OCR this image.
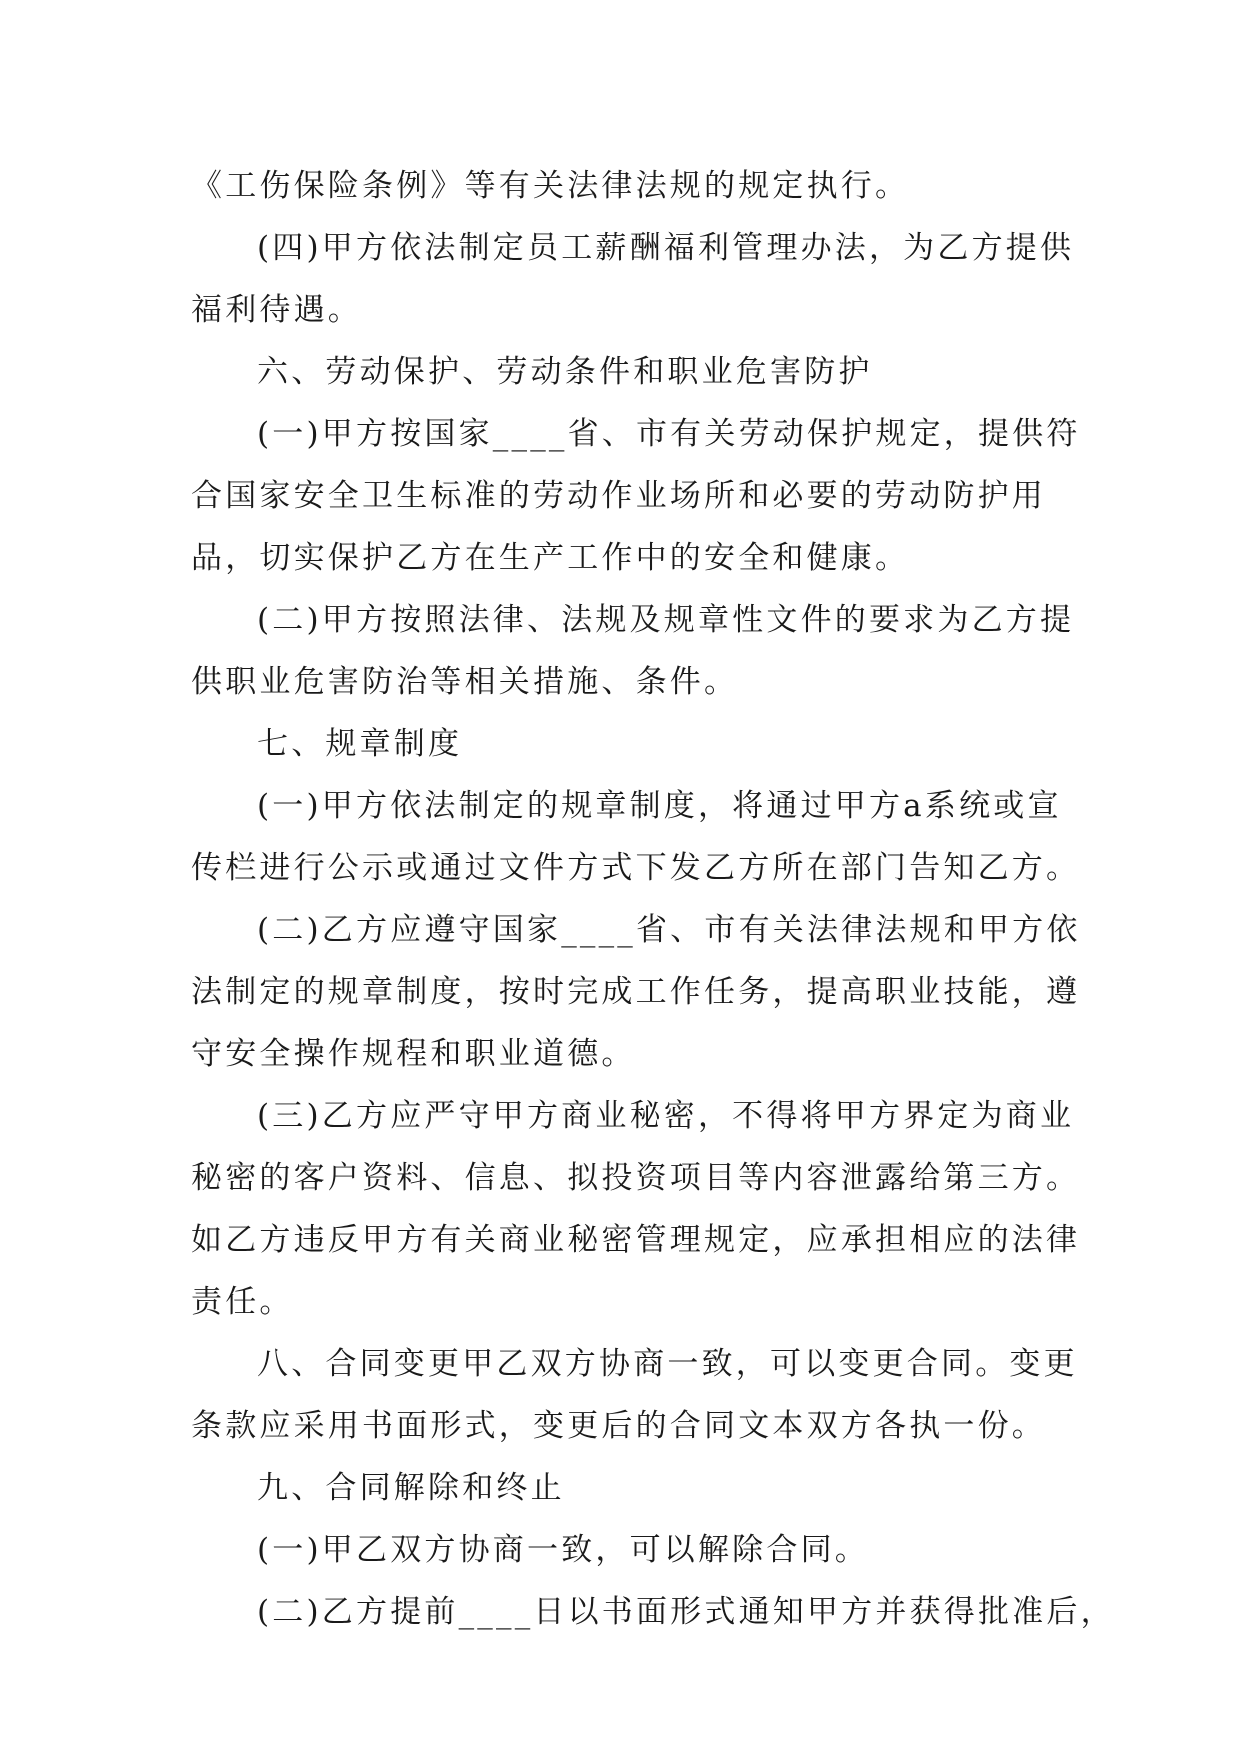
《工伤保险条例》等有关法律法规的规定执行。
(四)甲方依法制定员工薪酬福利管理办法，为乙方提供
福利待遇。
六、劳动保护、劳动条件和职业危害防护
(一)甲方按国家____省、市有关劳动保护规定，提供符
合国家安全卫生标准的劳动作业场所和必要的劳动防护用
品，切实保护乙方在生产工作中的安全和健康。
(二)甲方按照法律、法规及规章性文件的要求为乙方提
供职业危害防治等相关措施、条件。
七、规章制度
(一)甲方依法制定的规章制度，将通过甲方a系统或宣
传栏进行公示或通过文件方式下发乙方所在部门告知乙方。
(二)乙方应遵守国家____省、市有关法律法规和甲方依
法制定的规章制度，按时完成工作任务，提高职业技能，遵
守安全操作规程和职业道德。
(三)乙方应严守甲方商业秘密，不得将甲方界定为商业
秘密的客户资料、信息、拟投资项目等内容泄露给第三方。
如乙方违反甲方有关商业秘密管理规定，应承担相应的法律
责任。
八、合同变更甲乙双方协商一致，可以变更合同。变更
条款应采用书面形式，变更后的合同文本双方各执一份。
九、合同解除和终止
(一)甲乙双方协商一致，可以解除合同。
(二)乙方提前____日以书面形式通知甲方并获得批准后，
